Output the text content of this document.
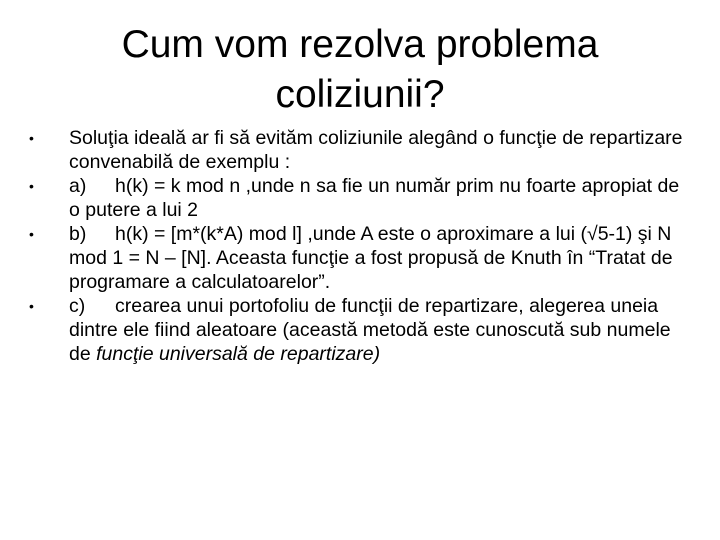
Cum vom rezolva problema
coliziunii?
•	Soluţia ideală ar fi să evităm coliziunile alegând o funcţie de repartizare convenabilă de exemplu :
•	a) h(k) = k mod n ,unde n sa fie un număr prim nu foarte apropiat de o putere a lui 2
•	b) h(k) = [m*(k*A) mod l] ,unde A este o aproximare a lui (√5-1) şi N mod 1 = N – [N]. Aceasta funcţie a fost propusă de Knuth în “Tratat de programare a calculatoarelor”.
•	c) crearea unui portofoliu de funcţii de repartizare, alegerea uneia dintre ele fiind aleatoare (această metodă este cunoscută sub numele de funcţie universală de repartizare)
